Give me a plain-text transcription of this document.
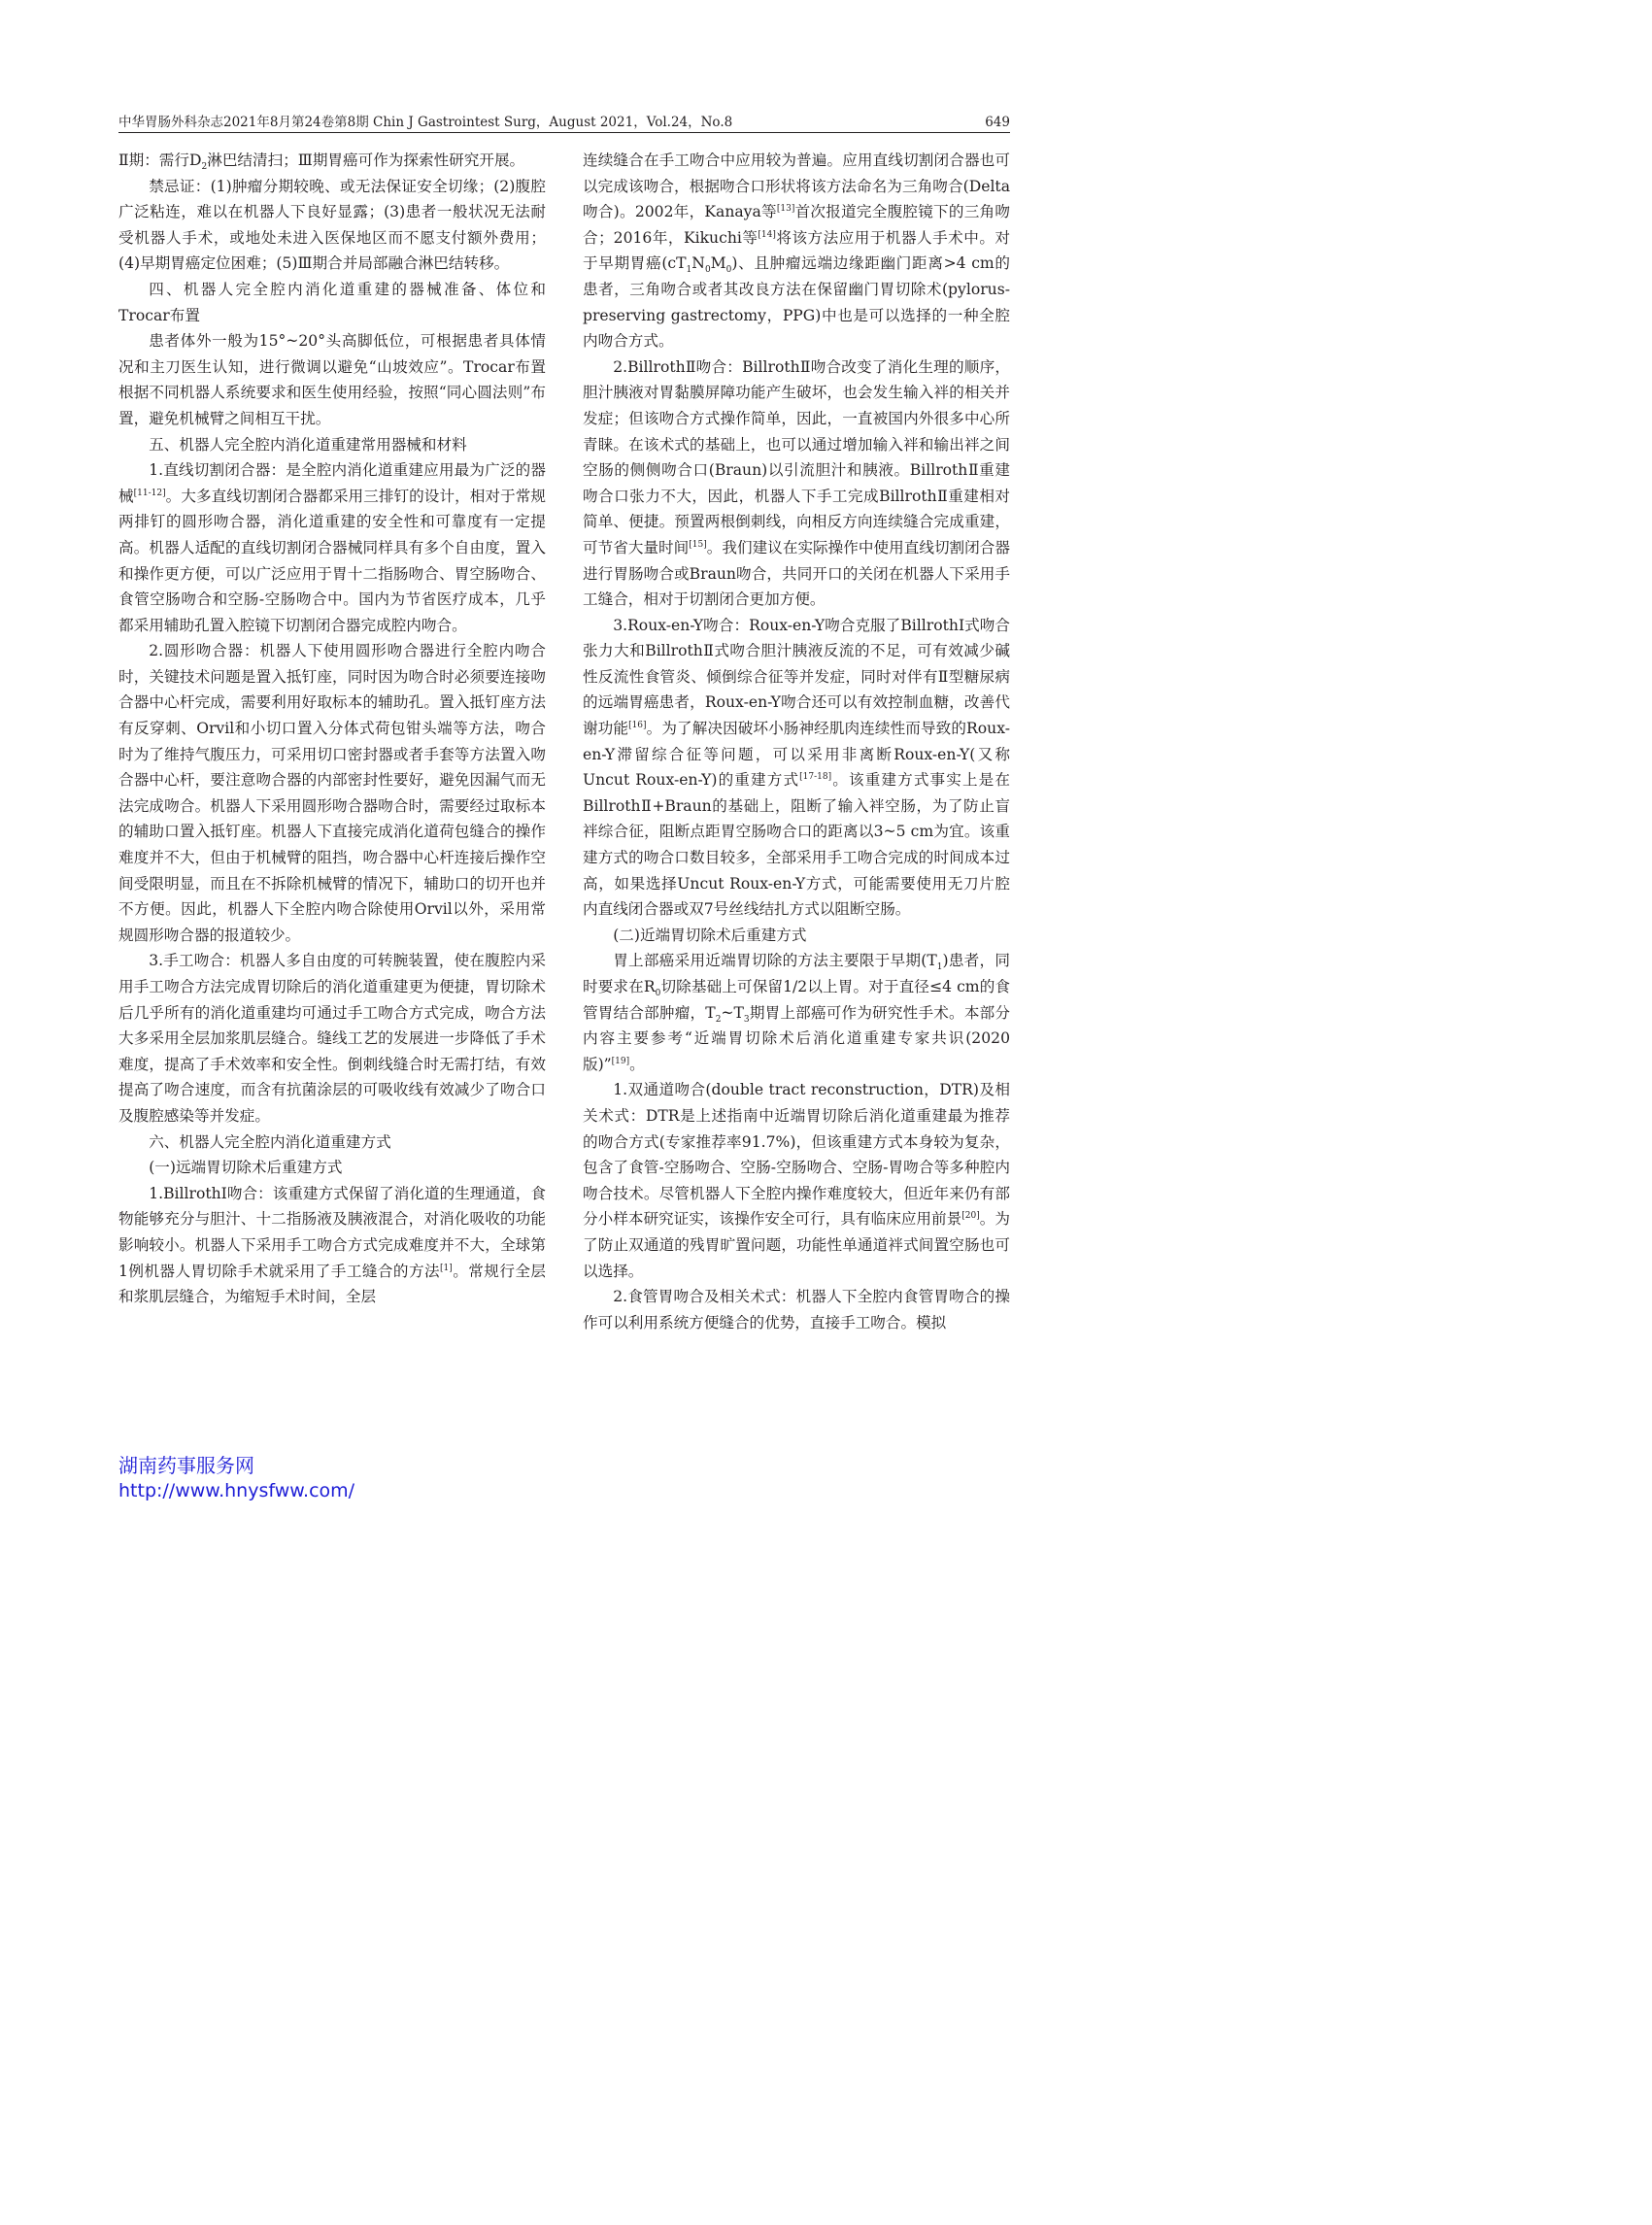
中华胃肠外科杂志2021年8月第24卷第8期 Chin J Gastrointest Surg，August 2021，Vol.24，No.8	649

Ⅱ期：需行$D_2$淋巴结清扫；Ⅲ期胃癌可作为探索性研究开展。

禁忌证：(1)肿瘤分期较晚、或无法保证安全切缘；(2)腹腔广泛粘连，难以在机器人下良好显露；(3)患者一般状况无法耐受机器人手术，或地处未进入医保地区而不愿支付额外费用；(4)早期胃癌定位困难；(5)Ⅲ期合并局部融合淋巴结转移。

四、机器人完全腔内消化道重建的器械准备、体位和Trocar布置

患者体外一般为15°~20°头高脚低位，可根据患者具体情况和主刀医生认知，进行微调以避免“山坡效应”。Trocar布置根据不同机器人系统要求和医生使用经验，按照“同心圆法则”布置，避免机械臂之间相互干扰。

五、机器人完全腔内消化道重建常用器械和材料

1.直线切割闭合器：是全腔内消化道重建应用最为广泛的器械[11-12]。大多直线切割闭合器都采用三排钉的设计，相对于常规两排钉的圆形吻合器，消化道重建的安全性和可靠度有一定提高。机器人适配的直线切割闭合器械同样具有多个自由度，置入和操作更方便，可以广泛应用于胃十二指肠吻合、胃空肠吻合、食管空肠吻合和空肠-空肠吻合中。国内为节省医疗成本，几乎都采用辅助孔置入腔镜下切割闭合器完成腔内吻合。

2.圆形吻合器：机器人下使用圆形吻合器进行全腔内吻合时，关键技术问题是置入抵钉座，同时因为吻合时必须要连接吻合器中心杆完成，需要利用好取标本的辅助孔。置入抵钉座方法有反穿刺、Orvil和小切口置入分体式荷包钳头端等方法，吻合时为了维持气腹压力，可采用切口密封器或者手套等方法置入吻合器中心杆，要注意吻合器的内部密封性要好，避免因漏气而无法完成吻合。机器人下采用圆形吻合器吻合时，需要经过取标本的辅助口置入抵钉座。机器人下直接完成消化道荷包缝合的操作难度并不大，但由于机械臂的阻挡，吻合器中心杆连接后操作空间受限明显，而且在不拆除机械臂的情况下，辅助口的切开也并不方便。因此，机器人下全腔内吻合除使用Orvil以外，采用常规圆形吻合器的报道较少。

3.手工吻合：机器人多自由度的可转腕装置，使在腹腔内采用手工吻合方法完成胃切除后的消化道重建更为便捷，胃切除术后几乎所有的消化道重建均可通过手工吻合方式完成，吻合方法大多采用全层加浆肌层缝合。缝线工艺的发展进一步降低了手术难度，提高了手术效率和安全性。倒刺线缝合时无需打结，有效提高了吻合速度，而含有抗菌涂层的可吸收线有效减少了吻合口及腹腔感染等并发症。

六、机器人完全腔内消化道重建方式

(一)远端胃切除术后重建方式

1.BillrothⅠ吻合：该重建方式保留了消化道的生理通道，食物能够充分与胆汁、十二指肠液及胰液混合，对消化吸收的功能影响较小。机器人下采用手工吻合方式完成难度并不大，全球第1例机器人胃切除手术就采用了手工缝合的方法[1]。常规行全层和浆肌层缝合，为缩短手术时间，全层

连续缝合在手工吻合中应用较为普遍。应用直线切割闭合器也可以完成该吻合，根据吻合口形状将该方法命名为三角吻合(Delta吻合)。2002年，Kanaya等[13]首次报道完全腹腔镜下的三角吻合；2016年，Kikuchi等[14]将该方法应用于机器人手术中。对于早期胃癌$(cT_1N_0M_0)$、且肿瘤远端边缘距幽门距离>4 cm的患者，三角吻合或者其改良方法在保留幽门胃切除术(pylorus-preserving gastrectomy，PPG)中也是可以选择的一种全腔内吻合方式。

2.BillrothⅡ吻合：BillrothⅡ吻合改变了消化生理的顺序，胆汁胰液对胃黏膜屏障功能产生破坏，也会发生输入袢的相关并发症；但该吻合方式操作简单，因此，一直被国内外很多中心所青睐。在该术式的基础上，也可以通过增加输入袢和输出袢之间空肠的侧侧吻合口(Braun)以引流胆汁和胰液。BillrothⅡ重建吻合口张力不大，因此，机器人下手工完成BillrothⅡ重建相对简单、便捷。预置两根倒刺线，向相反方向连续缝合完成重建，可节省大量时间[15]。我们建议在实际操作中使用直线切割闭合器进行胃肠吻合或Braun吻合，共同开口的关闭在机器人下采用手工缝合，相对于切割闭合更加方便。

3.Roux-en-Y吻合：Roux-en-Y吻合克服了BillrothⅠ式吻合张力大和BillrothⅡ式吻合胆汁胰液反流的不足，可有效减少碱性反流性食管炎、倾倒综合征等并发症，同时对伴有Ⅱ型糖尿病的远端胃癌患者，Roux-en-Y吻合还可以有效控制血糖，改善代谢功能[16]。为了解决因破坏小肠神经肌肉连续性而导致的Roux-en-Y滞留综合征等问题，可以采用非离断Roux-en-Y(又称Uncut Roux-en-Y)的重建方式[17-18]。该重建方式事实上是在BillrothⅡ+Braun的基础上，阻断了输入袢空肠，为了防止盲袢综合征，阻断点距胃空肠吻合口的距离以3~5 cm为宜。该重建方式的吻合口数目较多，全部采用手工吻合完成的时间成本过高，如果选择Uncut Roux-en-Y方式，可能需要使用无刀片腔内直线闭合器或双7号丝线结扎方式以阻断空肠。

(二)近端胃切除术后重建方式

胃上部癌采用近端胃切除的方法主要限于早期$(T_1)$患者，同时要求在$R_0$切除基础上可保留1/2以上胃。对于直径≤4 cm的食管胃结合部肿瘤，$T_2\sim T_3$期胃上部癌可作为研究性手术。本部分内容主要参考“近端胃切除术后消化道重建专家共识(2020版)”[19]。

1.双通道吻合(double tract reconstruction，DTR)及相关术式：DTR是上述指南中近端胃切除后消化道重建最为推荐的吻合方式(专家推荐率91.7%)，但该重建方式本身较为复杂，包含了食管-空肠吻合、空肠-空肠吻合、空肠-胃吻合等多种腔内吻合技术。尽管机器人下全腔内操作难度较大，但近年来仍有部分小样本研究证实，该操作安全可行，具有临床应用前景[20]。为了防止双通道的残胃旷置问题，功能性单通道袢式间置空肠也可以选择。

2.食管胃吻合及相关术式：机器人下全腔内食管胃吻合的操作可以利用系统方便缝合的优势，直接手工吻合。模拟

湖南药事服务网
http://www.hnysfww.com/
